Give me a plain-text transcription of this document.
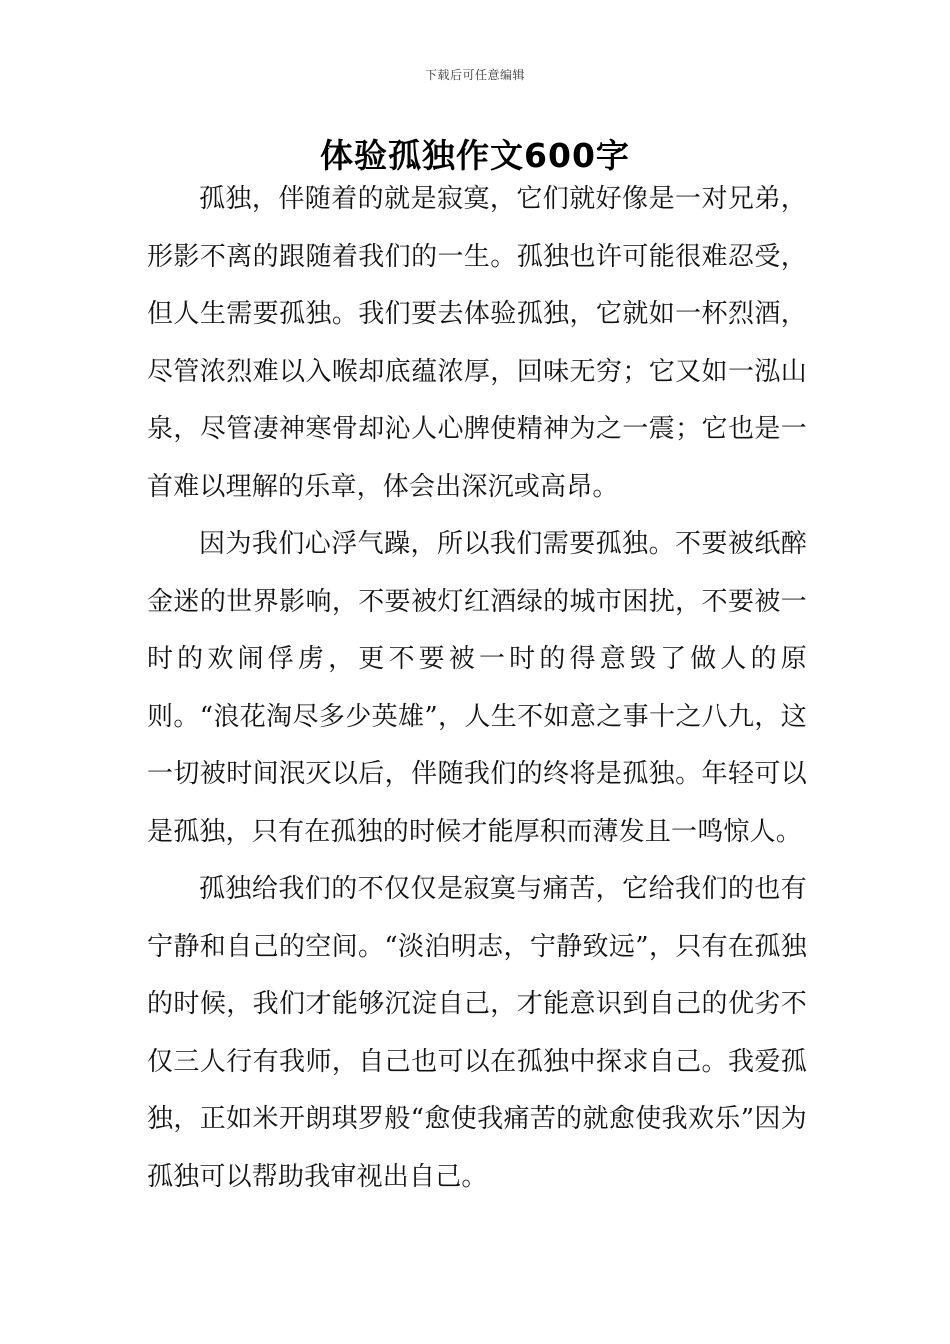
下载后可任意编辑
体验孤独作文600字

孤独，伴随着的就是寂寞，它们就好像是一对兄弟，形影不离的跟随着我们的一生。孤独也许可能很难忍受，但人生需要孤独。我们要去体验孤独，它就如一杯烈酒，尽管浓烈难以入喉却底蕴浓厚，回味无穷；它又如一泓山泉，尽管凄神寒骨却沁人心脾使精神为之一震；它也是一首难以理解的乐章，体会出深沉或高昂。

因为我们心浮气躁，所以我们需要孤独。不要被纸醉金迷的世界影响，不要被灯红酒绿的城市困扰，不要被一时的欢闹俘虏，更不要被一时的得意毁了做人的原则。“浪花淘尽多少英雄”，人生不如意之事十之八九，这一切被时间泯灭以后，伴随我们的终将是孤独。年轻可以是孤独，只有在孤独的时候才能厚积而薄发且一鸣惊人。

孤独给我们的不仅仅是寂寞与痛苦，它给我们的也有宁静和自己的空间。“淡泊明志，宁静致远”，只有在孤独的时候，我们才能够沉淀自己，才能意识到自己的优劣不仅三人行有我师，自己也可以在孤独中探求自己。我爱孤独，正如米开朗琪罗般“愈使我痛苦的就愈使我欢乐”因为孤独可以帮助我审视出自己。
